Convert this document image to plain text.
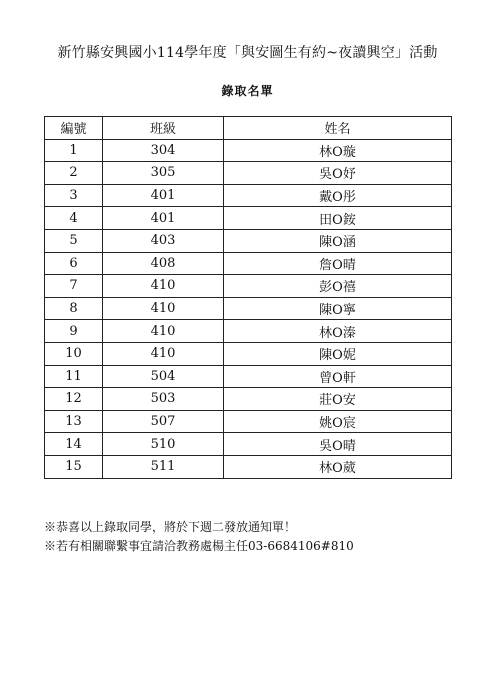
新竹縣安興國小114學年度「與安圖生有約~夜讀興空」活動
錄取名單
編號	班級	姓名
1	304	林O璇
2	305	吳O妤
3	401	戴O彤
4	401	田O銨
5	403	陳O涵
6	408	詹O晴
7	410	彭O禧
8	410	陳O寧
9	410	林O溱
10	410	陳O妮
11	504	曾O軒
12	503	莊O安
13	507	姚O宸
14	510	吳O晴
15	511	林O葳
※恭喜以上錄取同學，將於下週二發放通知單！
※若有相關聯繫事宜請洽教務處楊主任03-6684106#810
